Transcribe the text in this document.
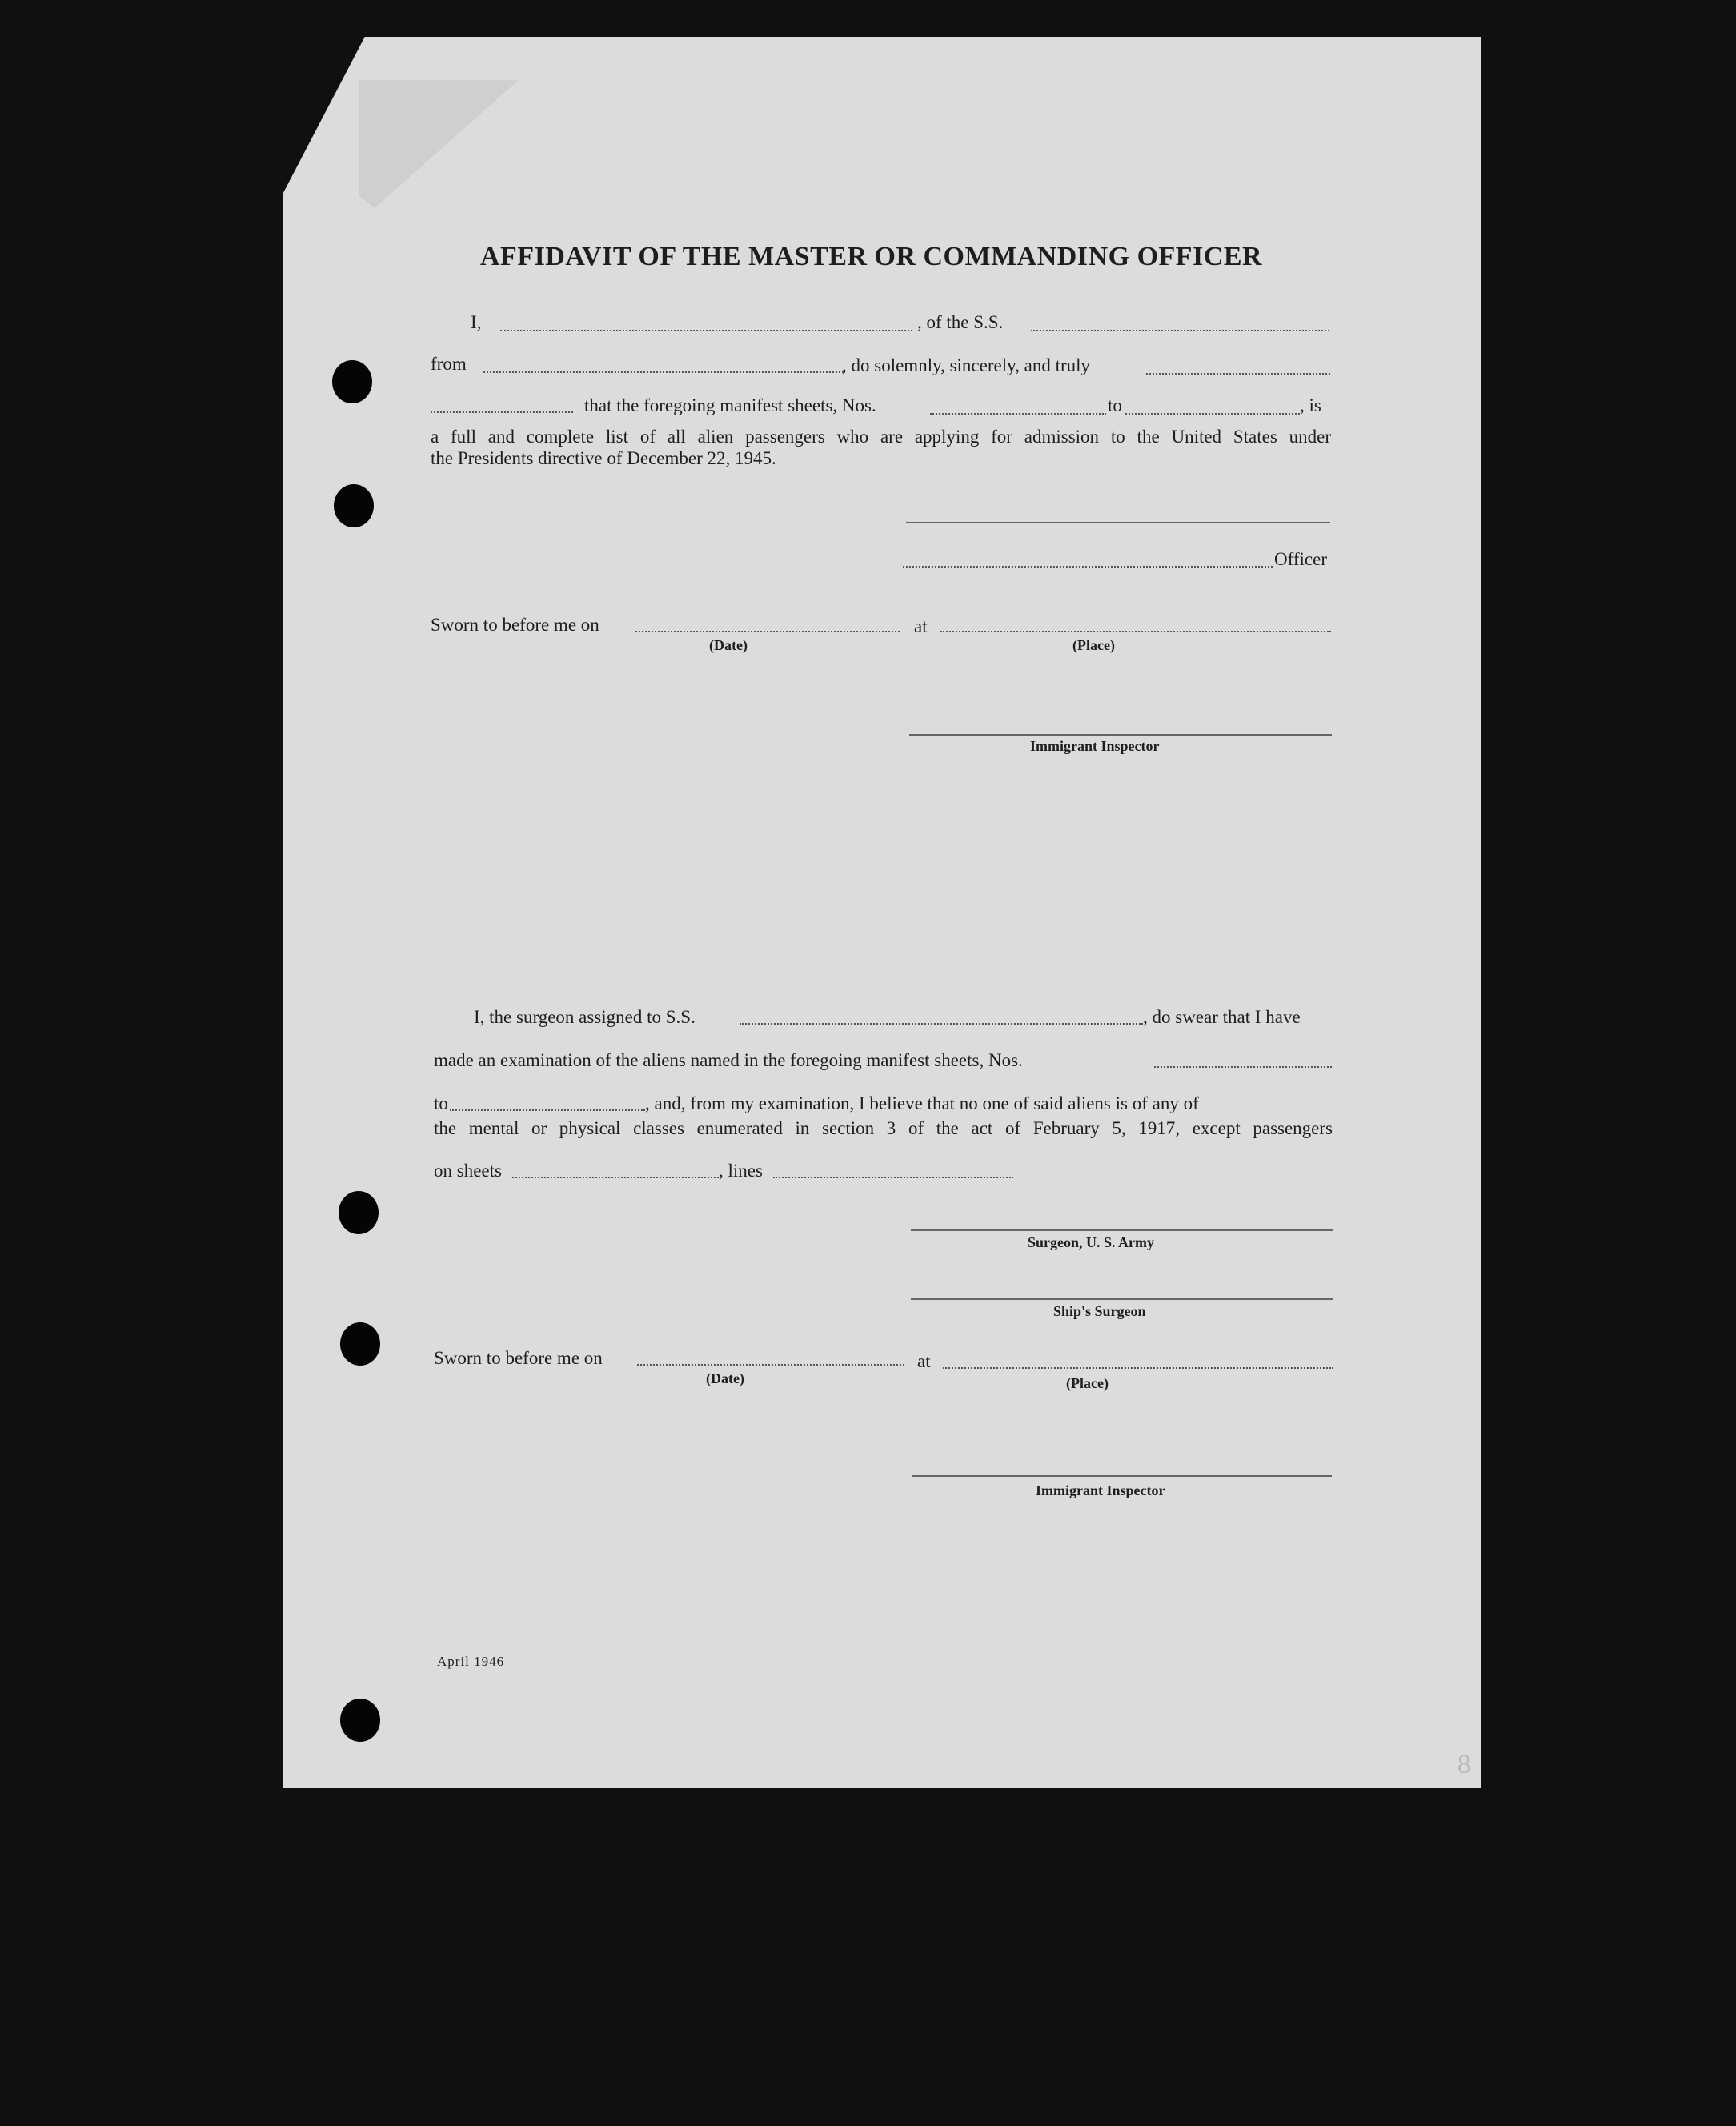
AFFIDAVIT OF THE MASTER OR COMMANDING OFFICER
I,	, of the S.S.
from	, do solemnly, sincerely, and truly
that the foregoing manifest sheets, Nos.	to	, is
a full and complete list of all alien passengers who are applying for admission to the United States under
the Presidents directive of December 22, 1945.
Officer
Sworn to before me on	at
(Date)	(Place)
Immigrant Inspector
I, the surgeon assigned to S.S.	, do swear that I have
made an examination of the aliens named in the foregoing manifest sheets, Nos.
to	, and, from my examination, I believe that no one of said aliens is of any of
the mental or physical classes enumerated in section 3 of the act of February 5, 1917, except passengers
on sheets	, lines
Surgeon, U. S. Army
Ship's Surgeon
Sworn to before me on	at
(Date)	(Place)
Immigrant Inspector
April 1946
8
